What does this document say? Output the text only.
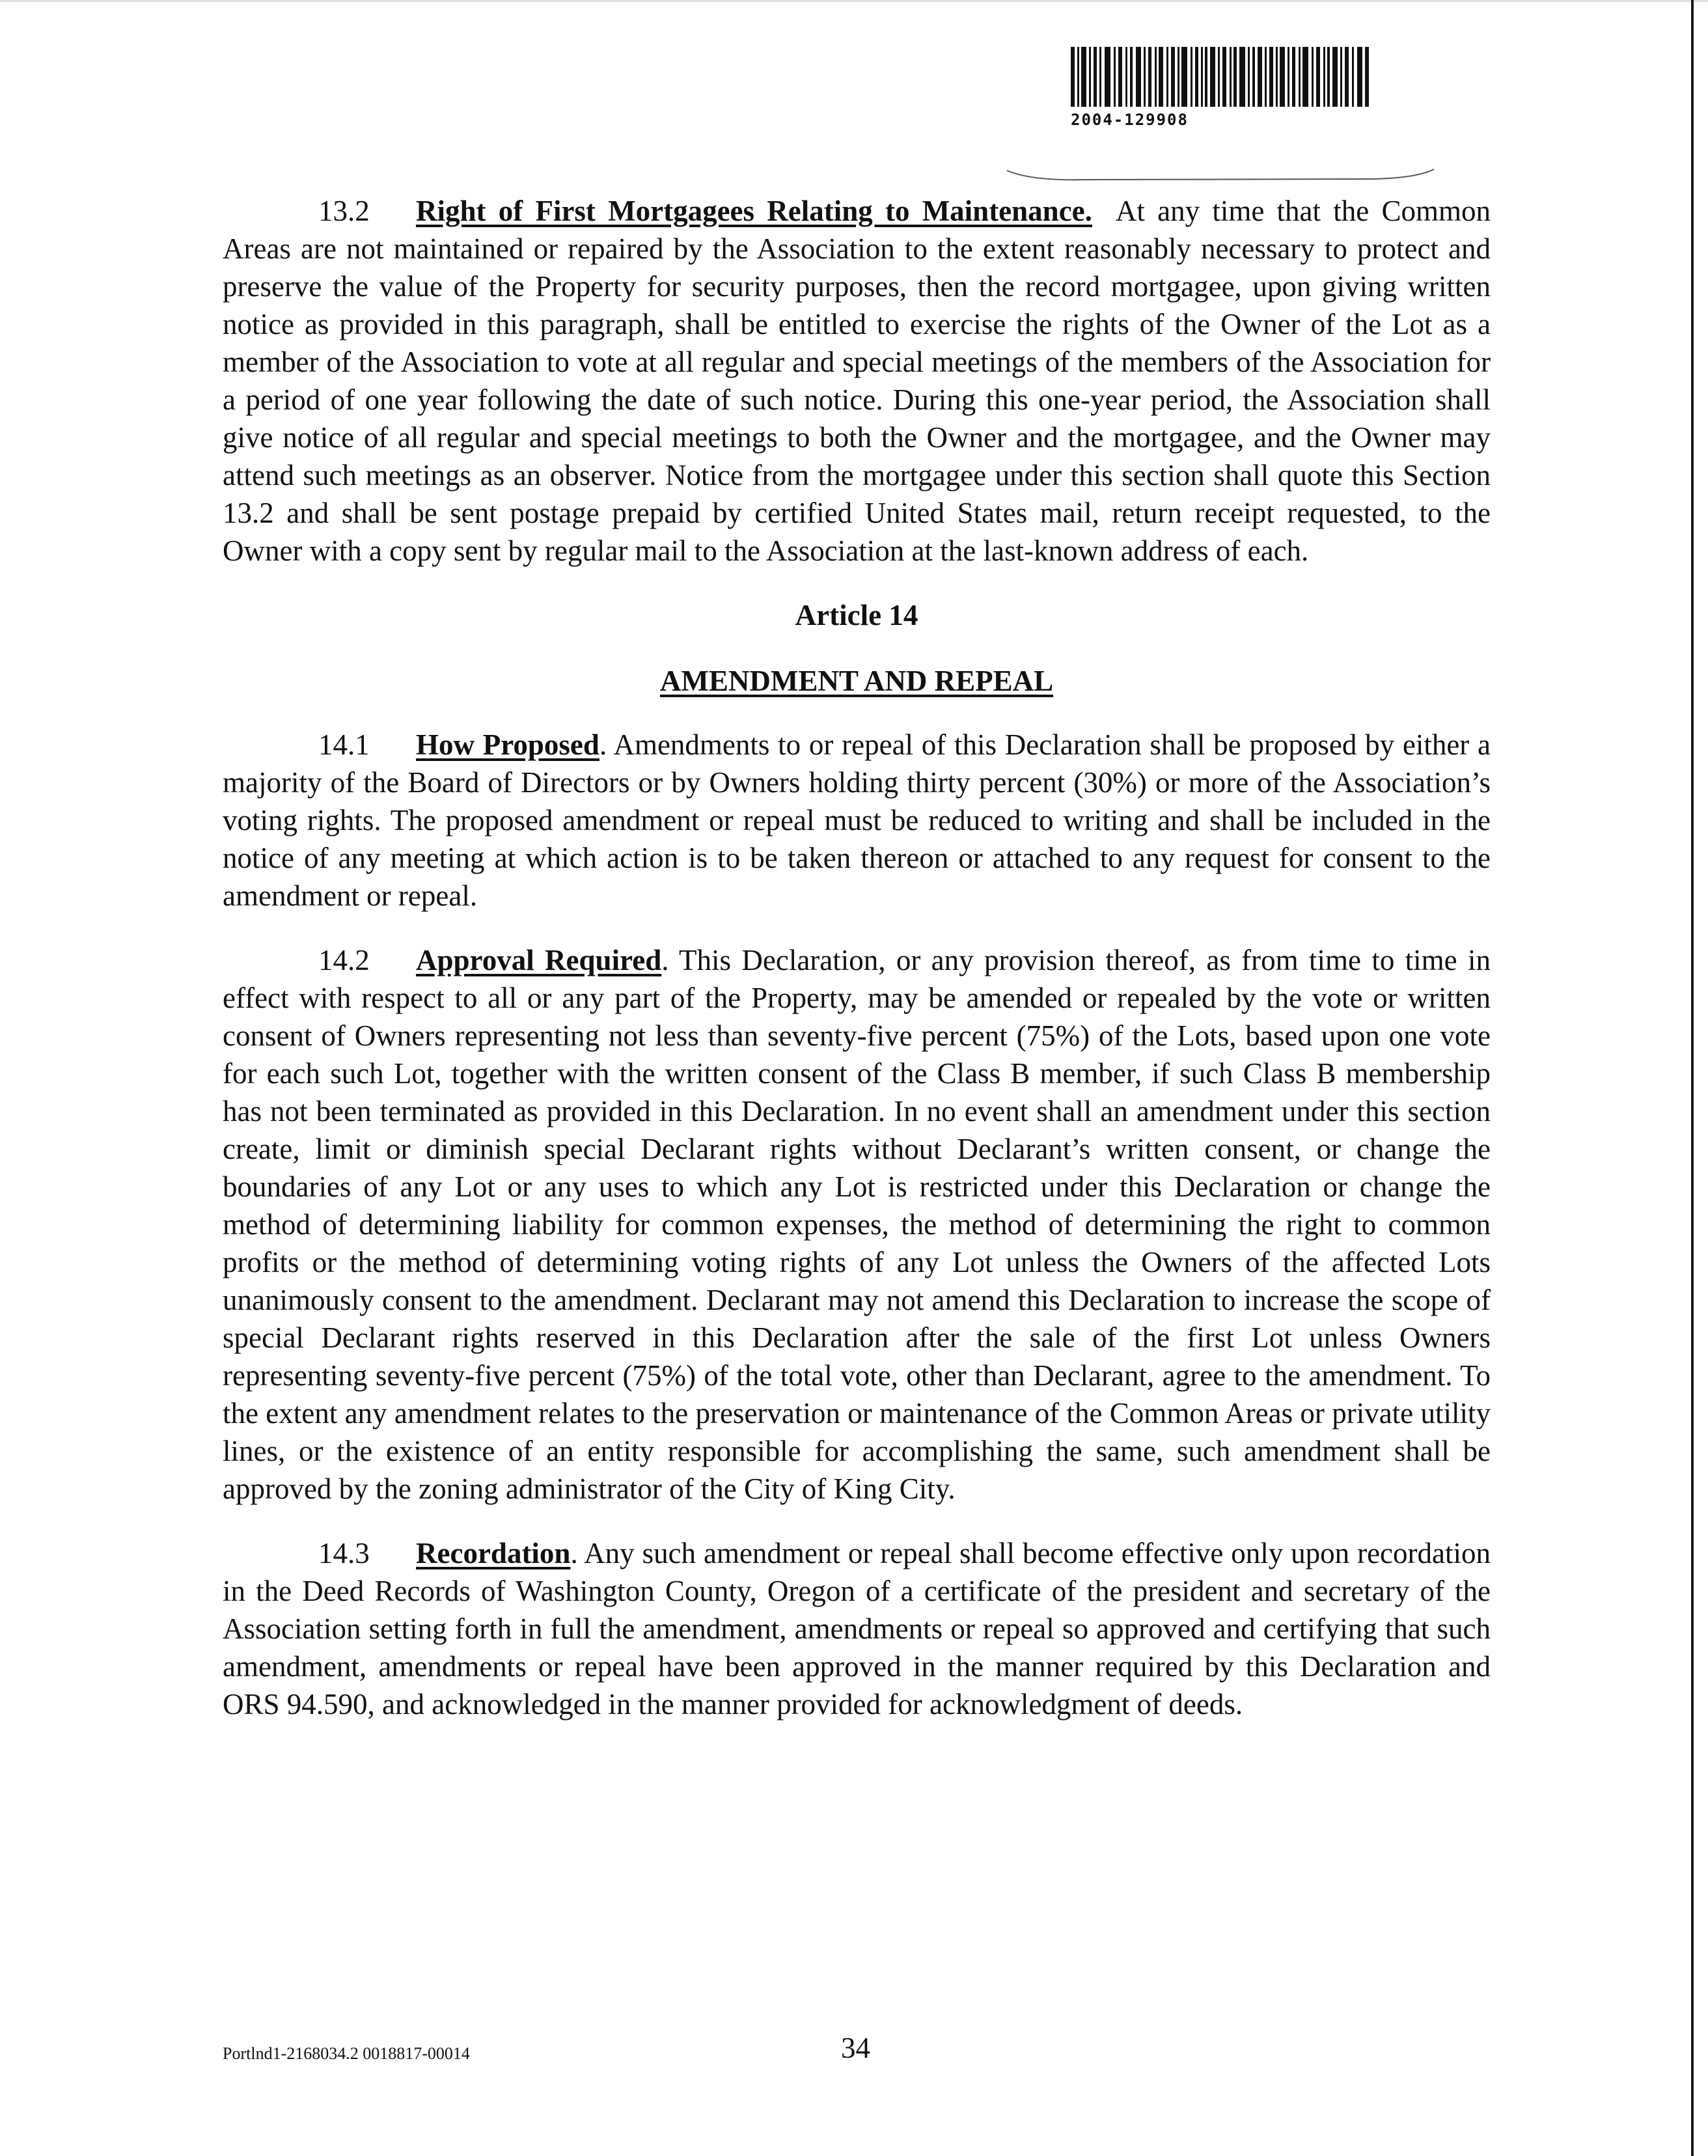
2004-129908

13.2 Right of First Mortgagees Relating to Maintenance. At any time that the Common Areas are not maintained or repaired by the Association to the extent reasonably necessary to protect and preserve the value of the Property for security purposes, then the record mortgagee, upon giving written notice as provided in this paragraph, shall be entitled to exercise the rights of the Owner of the Lot as a member of the Association to vote at all regular and special meetings of the members of the Association for a period of one year following the date of such notice. During this one-year period, the Association shall give notice of all regular and special meetings to both the Owner and the mortgagee, and the Owner may attend such meetings as an observer. Notice from the mortgagee under this section shall quote this Section 13.2 and shall be sent postage prepaid by certified United States mail, return receipt requested, to the Owner with a copy sent by regular mail to the Association at the last-known address of each.

Article 14
AMENDMENT AND REPEAL

14.1 How Proposed. Amendments to or repeal of this Declaration shall be proposed by either a majority of the Board of Directors or by Owners holding thirty percent (30%) or more of the Association’s voting rights. The proposed amendment or repeal must be reduced to writing and shall be included in the notice of any meeting at which action is to be taken thereon or attached to any request for consent to the amendment or repeal.

14.2 Approval Required. This Declaration, or any provision thereof, as from time to time in effect with respect to all or any part of the Property, may be amended or repealed by the vote or written consent of Owners representing not less than seventy-five percent (75%) of the Lots, based upon one vote for each such Lot, together with the written consent of the Class B member, if such Class B membership has not been terminated as provided in this Declaration. In no event shall an amendment under this section create, limit or diminish special Declarant rights without Declarant’s written consent, or change the boundaries of any Lot or any uses to which any Lot is restricted under this Declaration or change the method of determining liability for common expenses, the method of determining the right to common profits or the method of determining voting rights of any Lot unless the Owners of the affected Lots unanimously consent to the amendment. Declarant may not amend this Declaration to increase the scope of special Declarant rights reserved in this Declaration after the sale of the first Lot unless Owners representing seventy-five percent (75%) of the total vote, other than Declarant, agree to the amendment. To the extent any amendment relates to the preservation or maintenance of the Common Areas or private utility lines, or the existence of an entity responsible for accomplishing the same, such amendment shall be approved by the zoning administrator of the City of King City.

14.3 Recordation. Any such amendment or repeal shall become effective only upon recordation in the Deed Records of Washington County, Oregon of a certificate of the president and secretary of the Association setting forth in full the amendment, amendments or repeal so approved and certifying that such amendment, amendments or repeal have been approved in the manner required by this Declaration and ORS 94.590, and acknowledged in the manner provided for acknowledgment of deeds.

Portlnd1-2168034.2 0018817-00014	34
